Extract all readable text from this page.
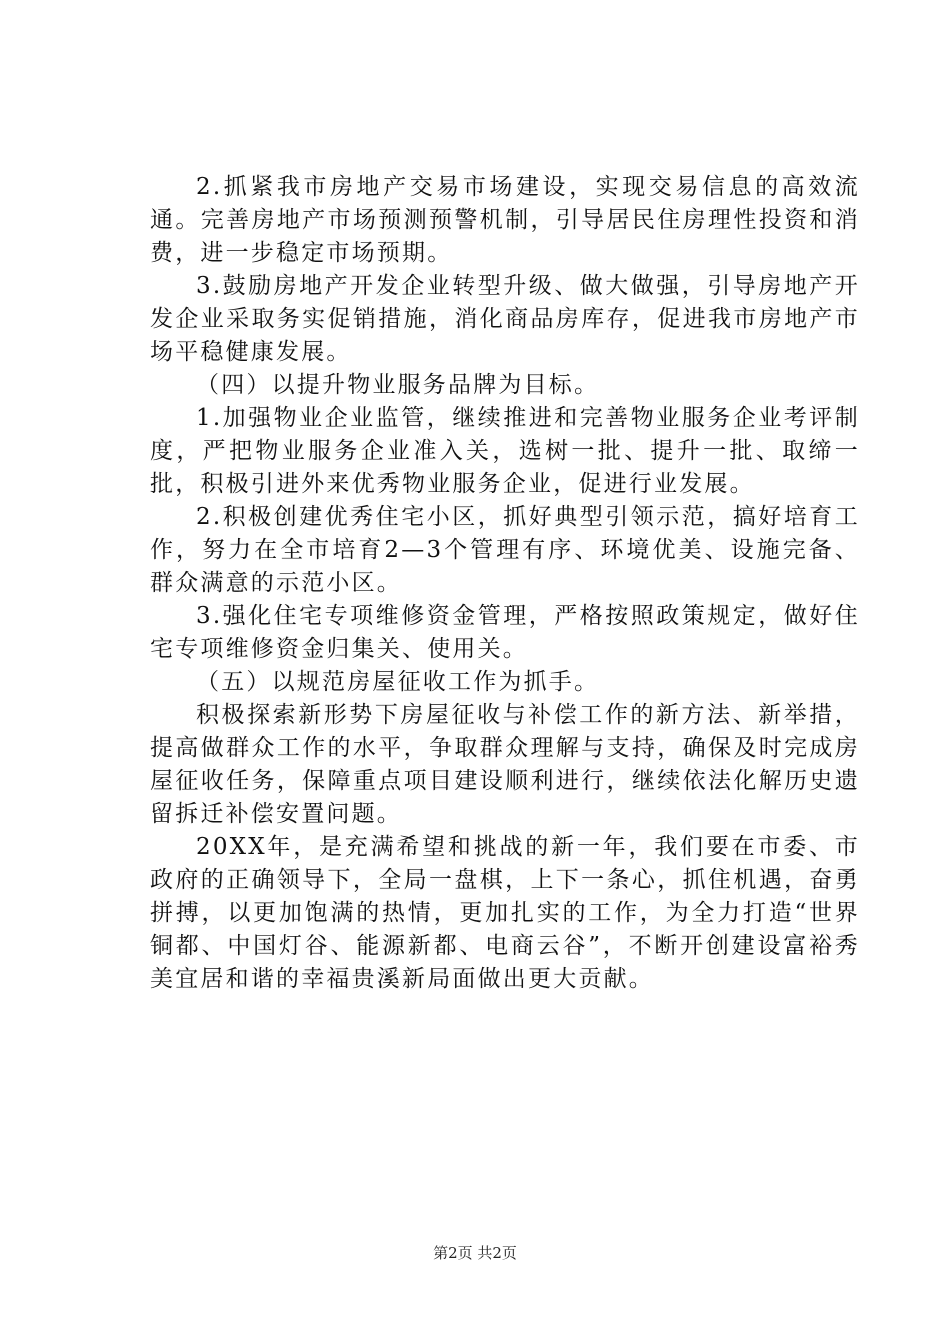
2.抓紧我市房地产交易市场建设，实现交易信息的高效流通。完善房地产市场预测预警机制，引导居民住房理性投资和消费，进一步稳定市场预期。

3.鼓励房地产开发企业转型升级、做大做强，引导房地产开发企业采取务实促销措施，消化商品房库存，促进我市房地产市场平稳健康发展。

（四）以提升物业服务品牌为目标。

1.加强物业企业监管，继续推进和完善物业服务企业考评制度，严把物业服务企业准入关，选树一批、提升一批、取缔一批，积极引进外来优秀物业服务企业，促进行业发展。

2.积极创建优秀住宅小区，抓好典型引领示范，搞好培育工作，努力在全市培育2—3个管理有序、环境优美、设施完备、群众满意的示范小区。

3.强化住宅专项维修资金管理，严格按照政策规定，做好住宅专项维修资金归集关、使用关。

（五）以规范房屋征收工作为抓手。

积极探索新形势下房屋征收与补偿工作的新方法、新举措，提高做群众工作的水平，争取群众理解与支持，确保及时完成房屋征收任务，保障重点项目建设顺利进行，继续依法化解历史遗留拆迁补偿安置问题。

20XX年，是充满希望和挑战的新一年，我们要在市委、市政府的正确领导下，全局一盘棋，上下一条心，抓住机遇，奋勇拼搏，以更加饱满的热情，更加扎实的工作，为全力打造“世界铜都、中国灯谷、能源新都、电商云谷”，不断开创建设富裕秀美宜居和谐的幸福贵溪新局面做出更大贡献。

第2页 共2页
